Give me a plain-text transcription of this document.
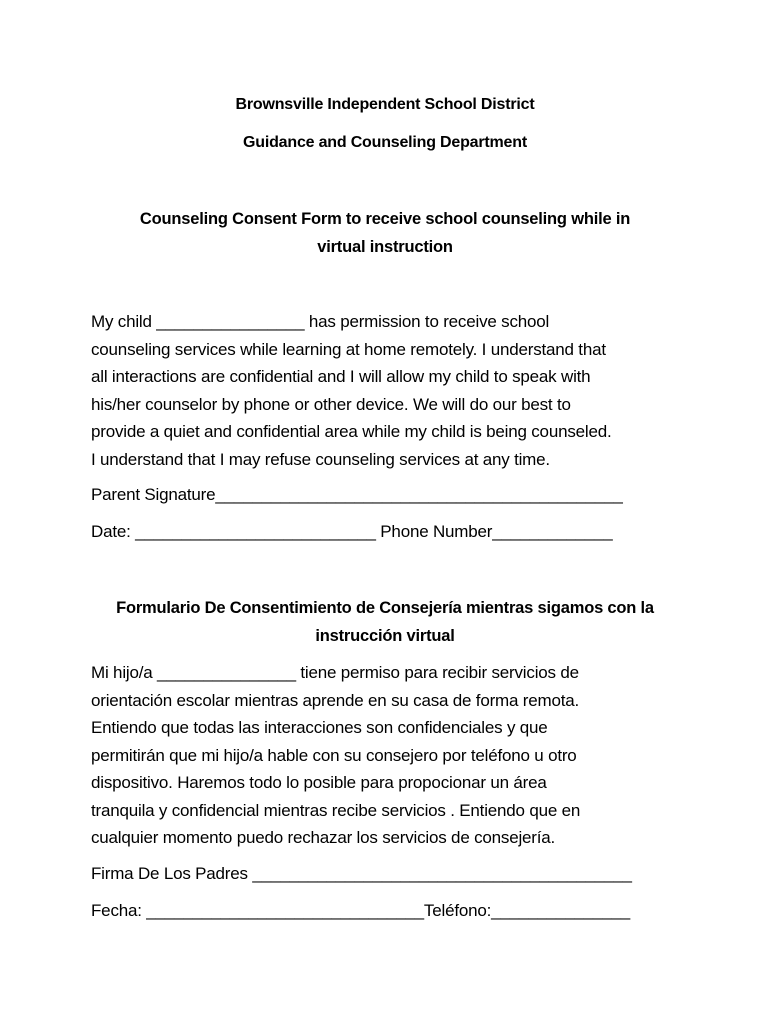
Brownsville Independent School District
Guidance and Counseling Department
Counseling Consent Form to receive school counseling while in
virtual instruction
My child ________________ has permission to receive school
counseling services while learning at home remotely. I understand that
all interactions are confidential and I will allow my child to speak with
his/her counselor by phone or other device. We will do our best to
provide a quiet and confidential area while my child is being counseled.
I understand that I may refuse counseling services at any time.
Parent Signature____________________________________________
Date: __________________________ Phone Number_____________
Formulario De Consentimiento de Consejería mientras sigamos con la
instrucción virtual
Mi hijo/a _______________ tiene permiso para recibir servicios de
orientación escolar mientras aprende en su casa de forma remota.
Entiendo que todas las interacciones son confidenciales y que
permitirán que mi hijo/a hable con su consejero por teléfono u otro
dispositivo. Haremos todo lo posible para propocionar un área
tranquila y confidencial mientras recibe servicios . Entiendo que en
cualquier momento puedo rechazar los servicios de consejería.
Firma De Los Padres _________________________________________
Fecha: ______________________________Teléfono:_______________
